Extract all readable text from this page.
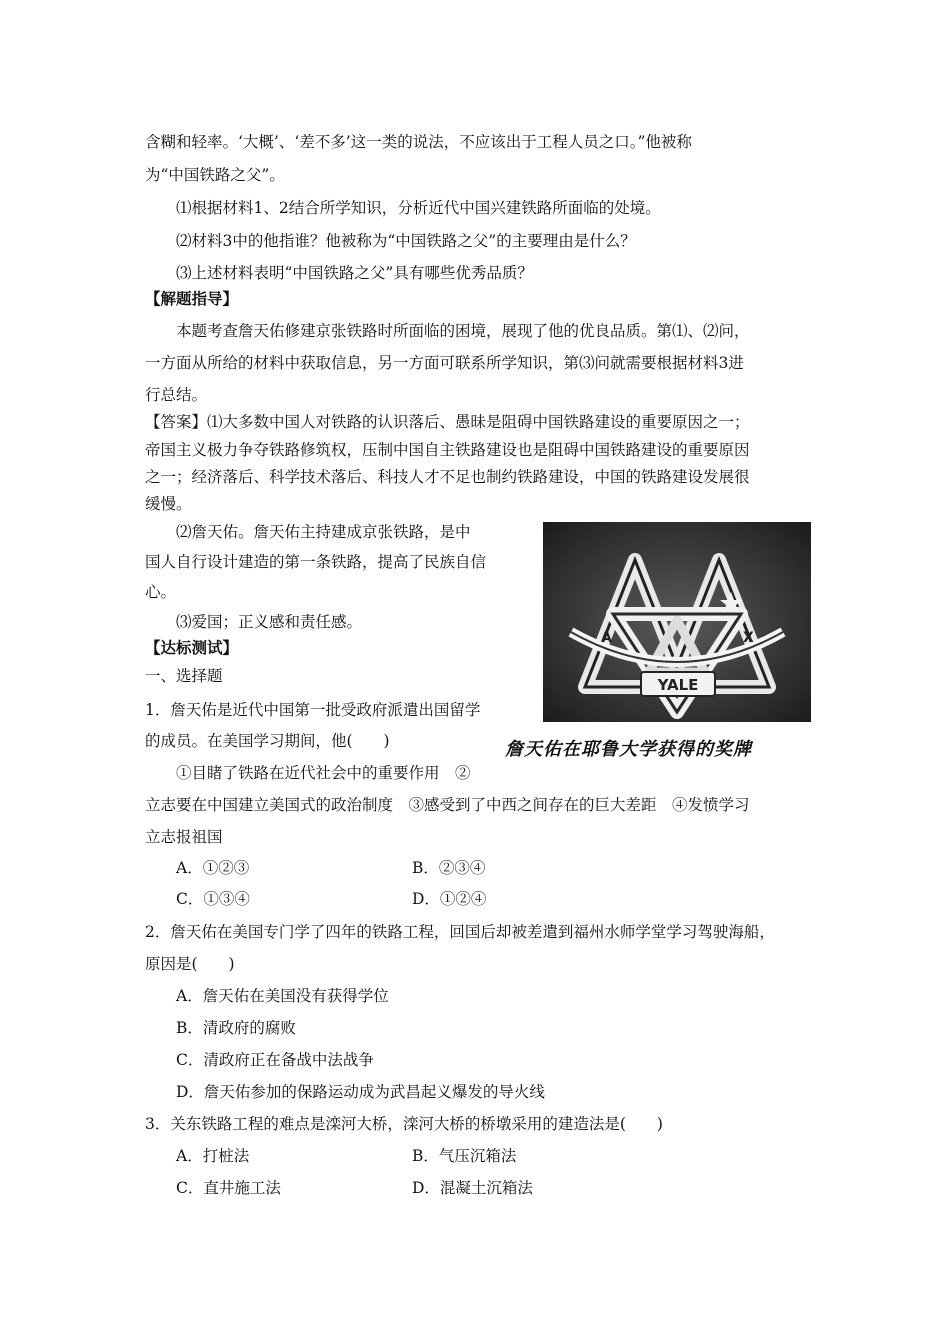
含糊和轻率。‘大概’、‘差不多’这一类的说法，不应该出于工程人员之口。”他被称
为“中国铁路之父”。
⑴根据材料1、2结合所学知识，分析近代中国兴建铁路所面临的处境。
⑵材料3中的他指谁？他被称为“中国铁路之父”的主要理由是什么？
⑶上述材料表明“中国铁路之父”具有哪些优秀品质？
【解题指导】
本题考查詹天佑修建京张铁路时所面临的困境，展现了他的优良品质。第⑴、⑵问，
一方面从所给的材料中获取信息，另一方面可联系所学知识，第⑶问就需要根据材料3进
行总结。
【答案】⑴大多数中国人对铁路的认识落后、愚昧是阻碍中国铁路建设的重要原因之一；
帝国主义极力争夺铁路修筑权，压制中国自主铁路建设也是阻碍中国铁路建设的重要原因
之一；经济落后、科学技术落后、科技人才不足也制约铁路建设，中国的铁路建设发展很
缓慢。
⑵詹天佑。詹天佑主持建成京张铁路，是中
国人自行设计建造的第一条铁路，提高了民族自信
心。
⑶爱国；正义感和责任感。
【达标测试】
一、选择题
1．詹天佑是近代中国第一批受政府派遣出国留学
的成员。在美国学习期间，他(　　)
①目睹了铁路在近代社会中的重要作用　②
立志要在中国建立美国式的政治制度　③感受到了中西之间存在的巨大差距　④发愤学习
立志报祖国
A．①②③	B．②③④
C．①③④	D．①②④
2．詹天佑在美国专门学了四年的铁路工程，回国后却被差遣到福州水师学堂学习驾驶海船，
原因是(　　)
A．詹天佑在美国没有获得学位
B．清政府的腐败
C．清政府正在备战中法战争
D．詹天佑参加的保路运动成为武昌起义爆发的导火线
3．关东铁路工程的难点是滦河大桥，滦河大桥的桥墩采用的建造法是(　　)
A．打桩法	B．气压沉箱法
C．直井施工法	D．混凝土沉箱法
A	X
YALE
詹天佑在耶鲁大学获得的奖牌
